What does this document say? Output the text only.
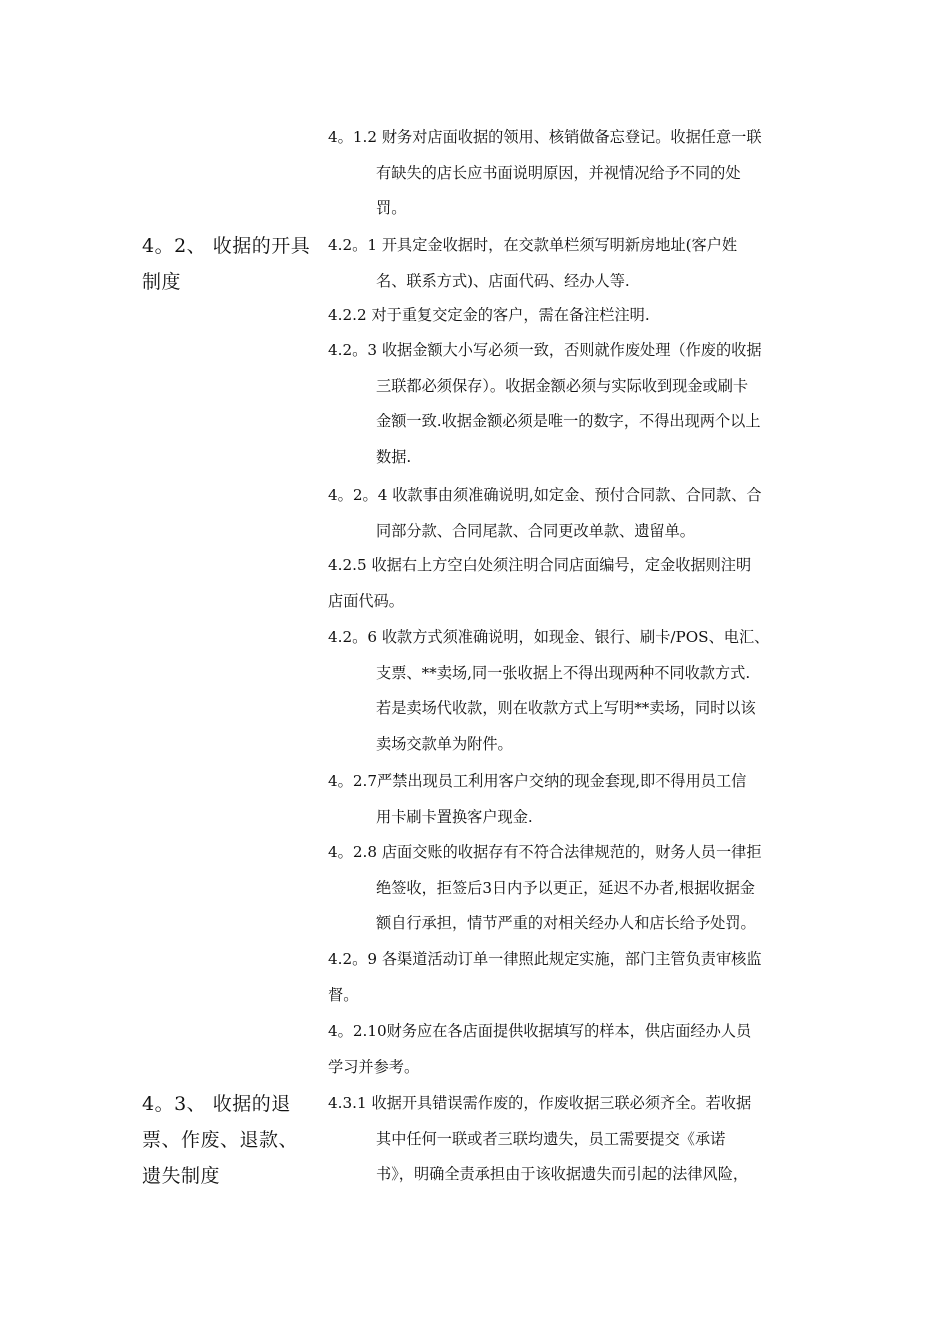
4。1.2 财务对店面收据的领用、核销做备忘登记。收据任意一联
有缺失的店长应书面说明原因，并视情况给予不同的处
罚。
4。2、 收据的开具
制度
4.2。1 开具定金收据时，在交款单栏须写明新房地址(客户姓
名、联系方式)、店面代码、经办人等.
4.2.2 对于重复交定金的客户，需在备注栏注明.
4.2。3 收据金额大小写必须一致，否则就作废处理（作废的收据
三联都必须保存）。收据金额必须与实际收到现金或刷卡
金额一致.收据金额必须是唯一的数字，不得出现两个以上
数据.
4。2。4 收款事由须准确说明,如定金、预付合同款、合同款、合
同部分款、合同尾款、合同更改单款、遗留单。
4.2.5 收据右上方空白处须注明合同店面编号，定金收据则注明
店面代码。
4.2。6 收款方式须准确说明，如现金、银行、刷卡/POS、电汇、
支票、**卖场,同一张收据上不得出现两种不同收款方式.
若是卖场代收款，则在收款方式上写明**卖场，同时以该
卖场交款单为附件。
4。2.7严禁出现员工利用客户交纳的现金套现,即不得用员工信
用卡刷卡置换客户现金.
4。2.8 店面交账的收据存有不符合法律规范的，财务人员一律拒
绝签收，拒签后3日内予以更正，延迟不办者,根据收据金
额自行承担，情节严重的对相关经办人和店长给予处罚。
4.2。9 各渠道活动订单一律照此规定实施，部门主管负责审核监
督。
4。2.10财务应在各店面提供收据填写的样本，供店面经办人员
学习并参考。
4。3、 收据的退
票、作废、退款、
遗失制度
4.3.1 收据开具错误需作废的，作废收据三联必须齐全。若收据
其中任何一联或者三联均遗失，员工需要提交《承诺
书》，明确全责承担由于该收据遗失而引起的法律风险，
